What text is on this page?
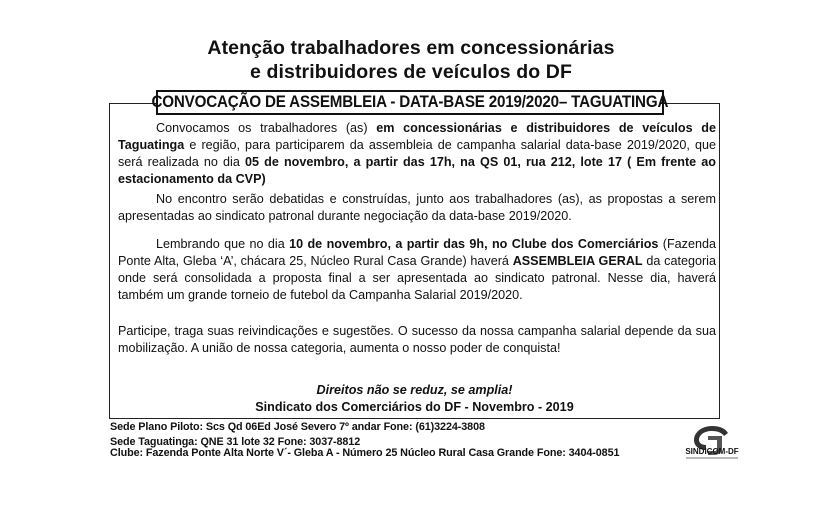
Atenção trabalhadores em concessionárias
e distribuidores de veículos do DF
CONVOCAÇÃO DE ASSEMBLEIA - DATA-BASE 2019/2020– TAGUATINGA
Convocamos os trabalhadores (as) em concessionárias e distribuidores de veículos de Taguatinga e região, para participarem da assembleia de campanha salarial data-base 2019/2020, que será realizada no dia 05 de novembro, a partir das 17h, na QS 01, rua 212, lote 17 ( Em frente ao estacionamento da CVP)
No encontro serão debatidas e construídas, junto aos trabalhadores (as), as propostas a serem apresentadas ao sindicato patronal durante negociação da data-base 2019/2020.
Lembrando que no dia 10 de novembro, a partir das 9h, no Clube dos Comerciários (Fazenda Ponte Alta, Gleba ‘A’, chácara 25, Núcleo Rural Casa Grande) haverá ASSEMBLEIA GERAL da categoria onde será consolidada a proposta final a ser apresentada ao sindicato patronal. Nesse dia, haverá também um grande torneio de futebol da Campanha Salarial 2019/2020.
Participe, traga suas reivindicações e sugestões. O sucesso da nossa campanha salarial depende da sua mobilização. A união de nossa categoria, aumenta o nosso poder de conquista!
Direitos não se reduz, se amplia!
Sindicato dos Comerciários do DF - Novembro - 2019
Sede Plano Piloto: Scs Qd 06Ed José Severo 7º andar Fone: (61)3224-3808
Sede Taguatinga: QNE 31 lote 32 Fone: 3037-8812
Clube: Fazenda Ponte Alta Norte V´- Gleba A - Número 25 Núcleo Rural Casa Grande Fone: 3404-0851	SINDICOM-DF
